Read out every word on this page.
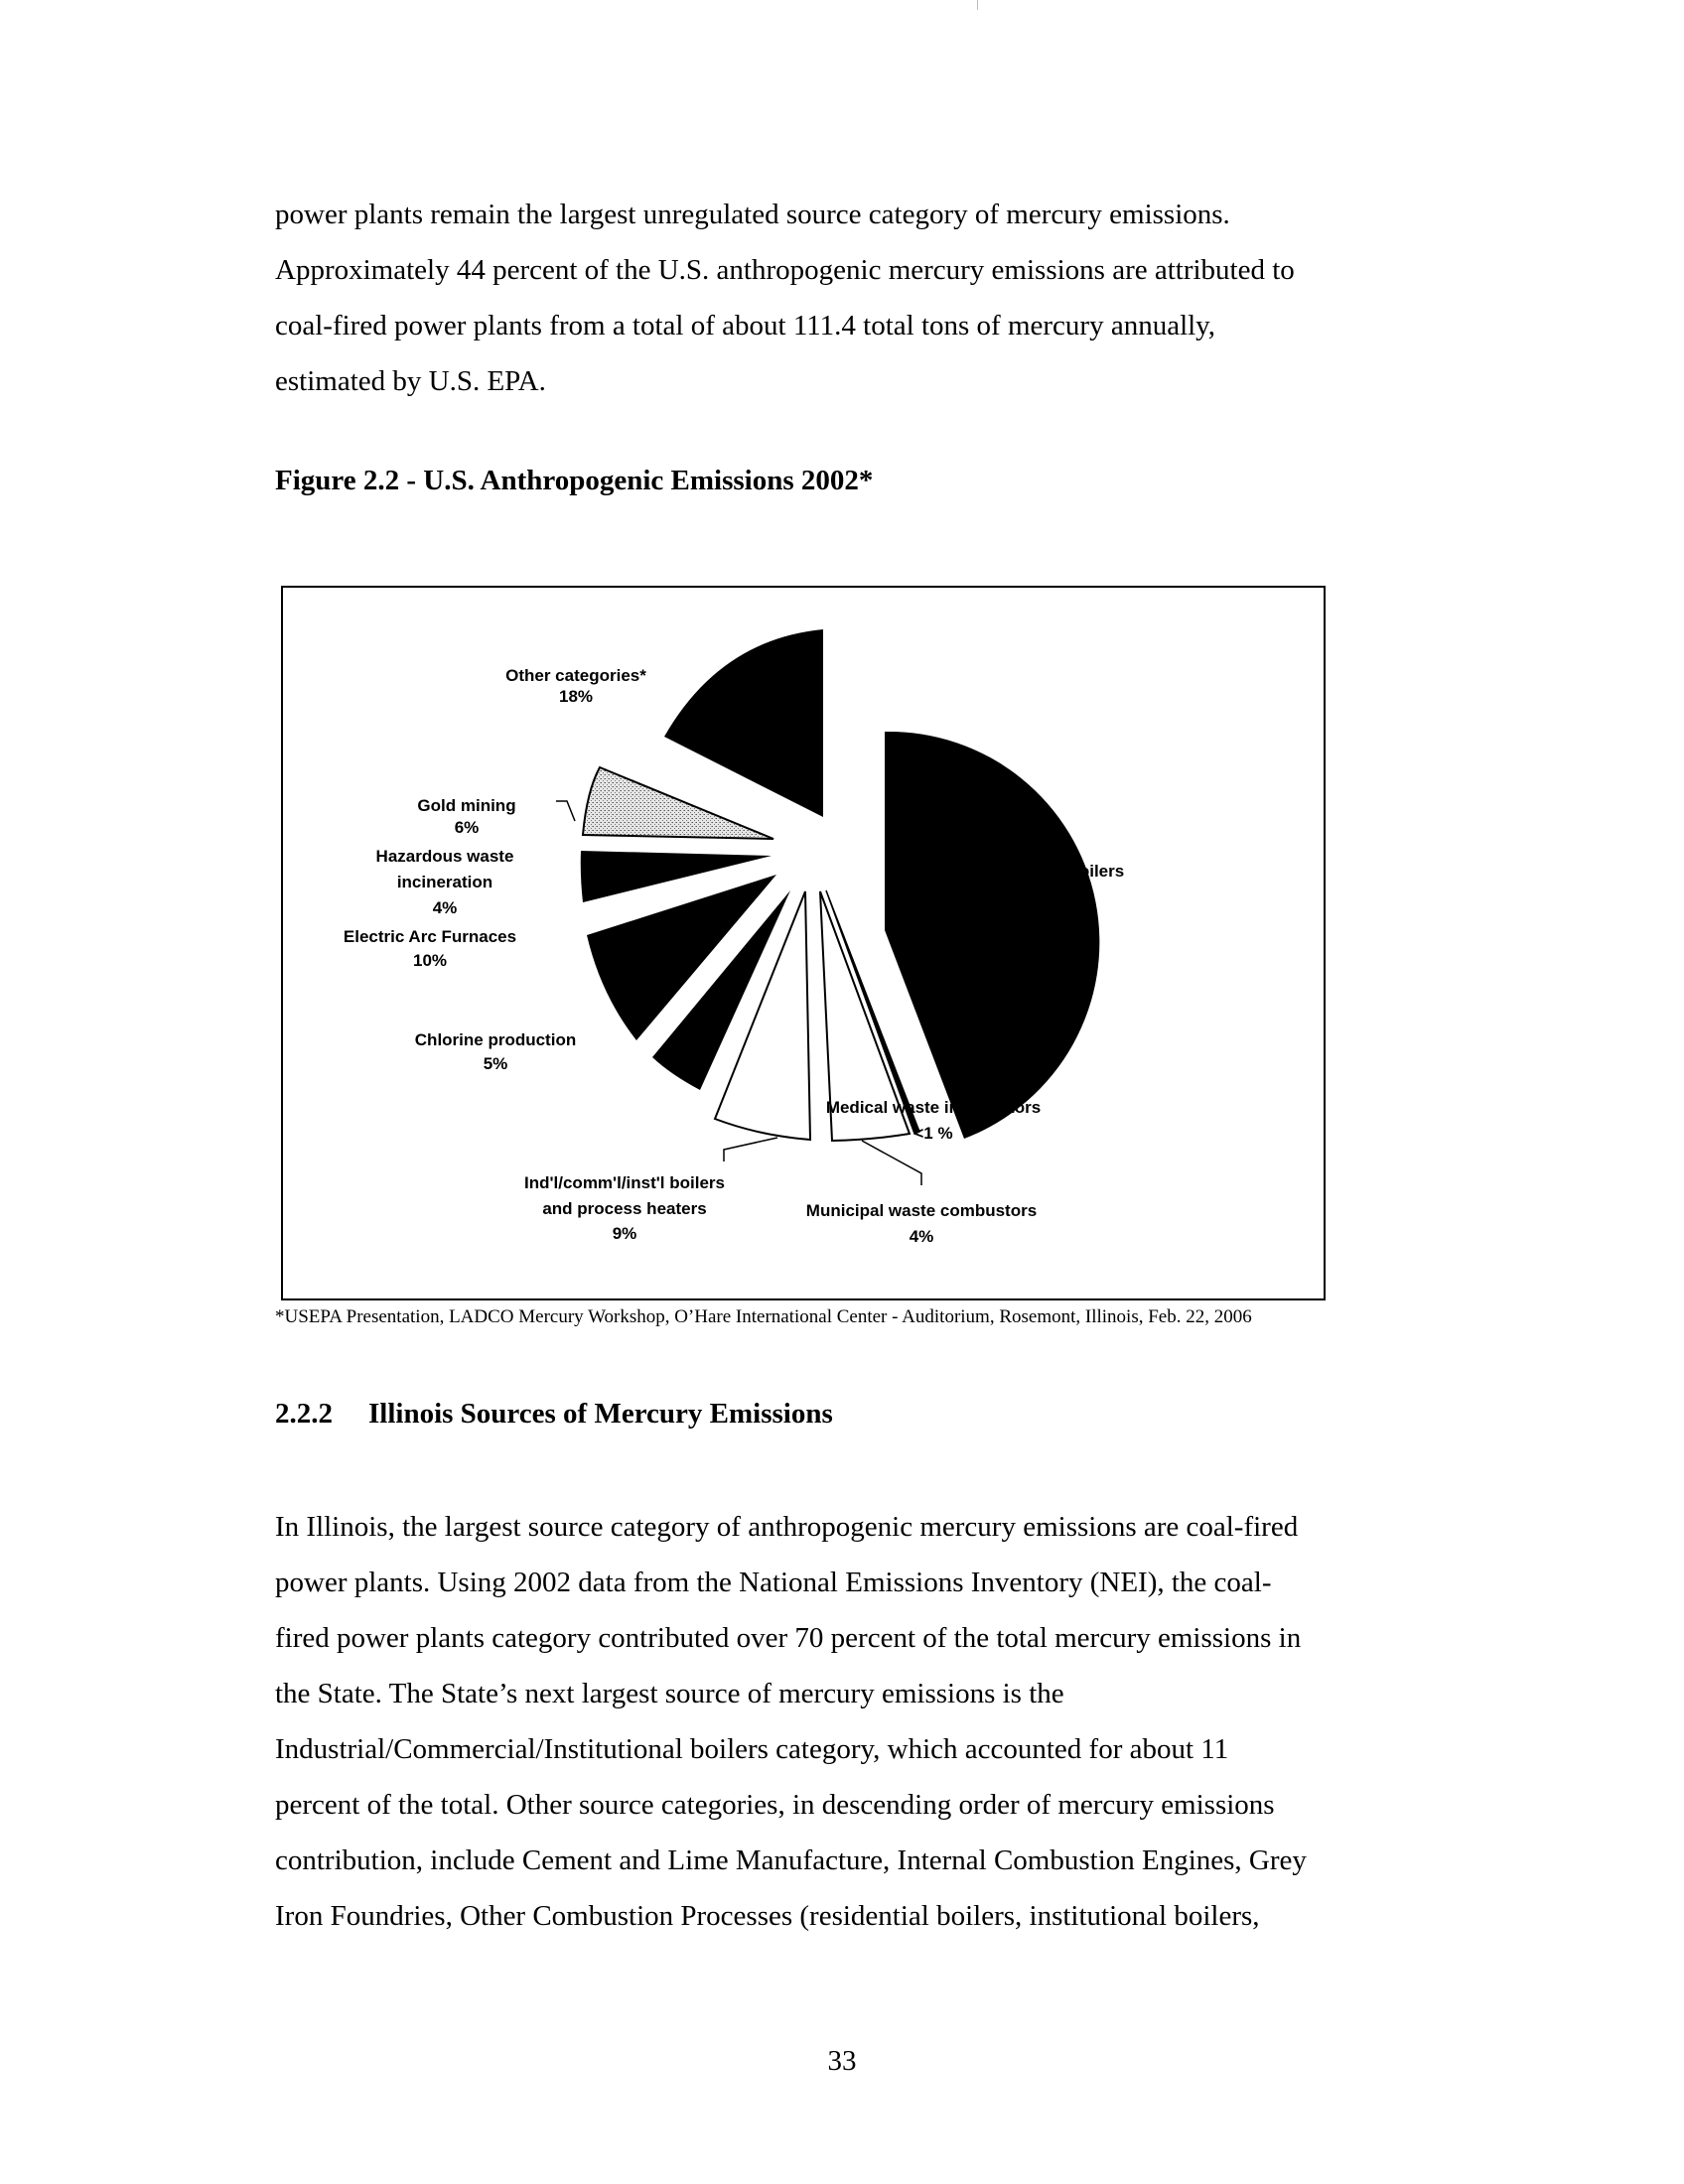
power plants remain the largest unregulated source category of mercury emissions.
Approximately 44 percent of the U.S. anthropogenic mercury emissions are attributed to
coal-fired power plants from a total of about 111.4 total tons of mercury annually,
estimated by U.S. EPA.
Figure 2.2 - U.S. Anthropogenic Emissions 2002*
Other categories*
18%
Gold mining
6%
Hazardous waste
incineration
4%
Electric Arc Furnaces
10%
Chlorine production
5%
Ind'l/comm'l/inst'l boilers
and process heaters
9%
Municipal waste combustors
4%
Medical waste incinerators
<1 %
Utility coal boilers
44%
*USEPA Presentation, LADCO Mercury Workshop, O’Hare International Center - Auditorium, Rosemont, Illinois, Feb. 22, 2006
2.2.2 Illinois Sources of Mercury Emissions
In Illinois, the largest source category of anthropogenic mercury emissions are coal-fired
power plants. Using 2002 data from the National Emissions Inventory (NEI), the coal-
fired power plants category contributed over 70 percent of the total mercury emissions in
the State. The State’s next largest source of mercury emissions is the
Industrial/Commercial/Institutional boilers category, which accounted for about 11
percent of the total. Other source categories, in descending order of mercury emissions
contribution, include Cement and Lime Manufacture, Internal Combustion Engines, Grey
Iron Foundries, Other Combustion Processes (residential boilers, institutional boilers,
33
